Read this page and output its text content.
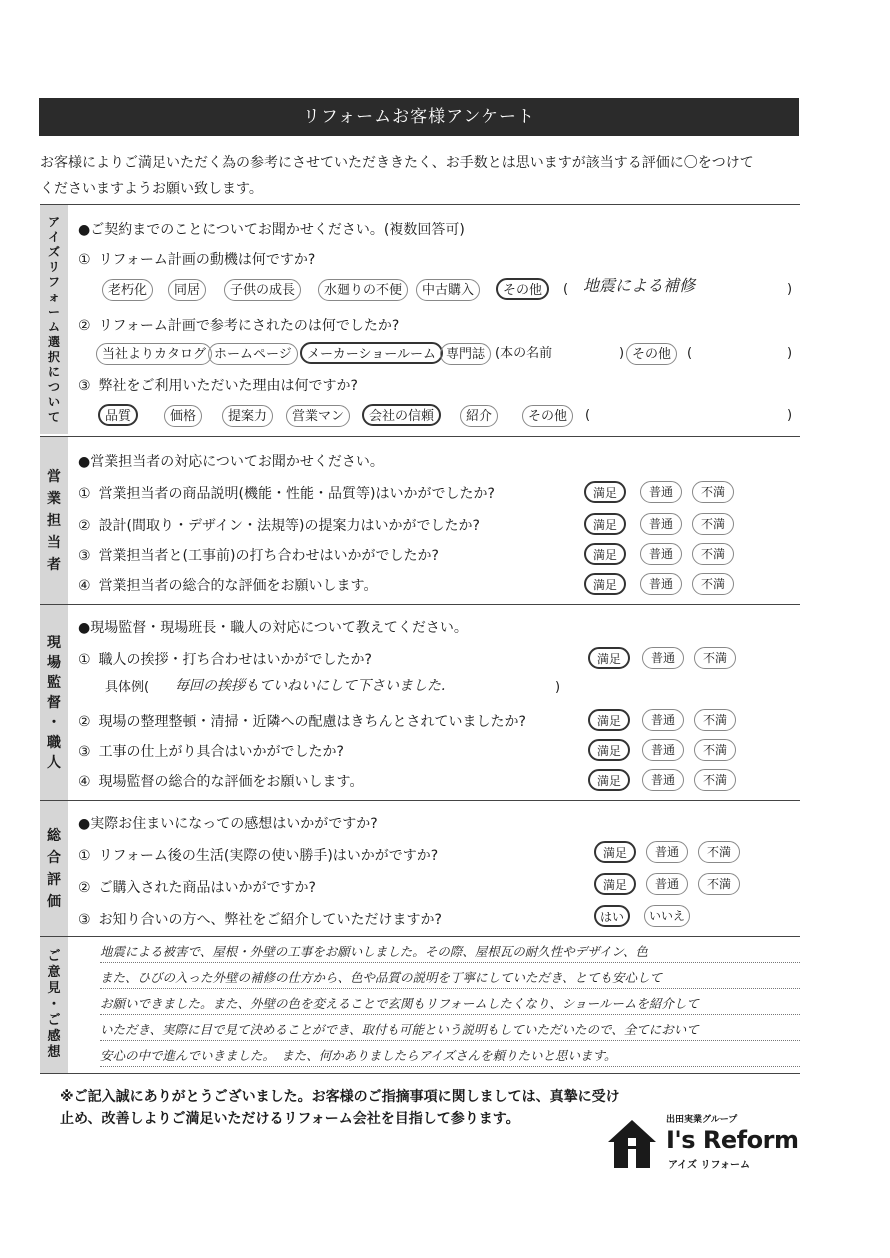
リフォームお客様アンケート
お客様によりご満足いただく為の参考にさせていただききたく、お手数とは思いますが該当する評価に〇をつけて
くださいますようお願い致します。
ア
イ
ズ
リ
フ
ォ
ー
ム
選
択
に
つ
い
て
●ご契約までのことについてお聞かせください。(複数回答可)
① リフォーム計画の動機は何ですか?
老朽化	同居	子供の成長	水廻りの不便	中古購入	その他	( 地震による補修	)
② リフォーム計画で参考にされたのは何でしたか?
当社よりカタログ ホームページ	メーカーショールーム 専門誌 (本の名前	) その他	(	)
③ 弊社をご利用いただいた理由は何ですか?
品質	価格	提案力	営業マン	会社の信頼	紹介	その他	(	)
営
業
担
当
者
●営業担当者の対応についてお聞かせください。
① 営業担当者の商品説明(機能・性能・品質等)はいかがでしたか?	満足	普通	不満
② 設計(間取り・デザイン・法規等)の提案力はいかがでしたか?	満足	普通	不満
③ 営業担当者と(工事前)の打ち合わせはいかがでしたか?	満足	普通	不満
④ 営業担当者の総合的な評価をお願いします。	満足	普通	不満
現
場
監
督
・
職
人
●現場監督・現場班長・職人の対応について教えてください。
① 職人の挨拶・打ち合わせはいかがでしたか?	満足	普通	不満
具体例(	毎回の挨拶もていねいにして下さいました.	)
② 現場の整理整頓・清掃・近隣への配慮はきちんとされていましたか?	満足	普通	不満
③ 工事の仕上がり具合はいかがでしたか?	満足	普通	不満
④ 現場監督の総合的な評価をお願いします。	満足	普通	不満
総
合
評
価
●実際お住まいになっての感想はいかがですか?
① リフォーム後の生活(実際の使い勝手)はいかがですか?	満足	普通	不満
② ご購入された商品はいかがですか?	満足	普通	不満
③ お知り合いの方へ、弊社をご紹介していただけますか?	はい	いいえ
ご
意
見
・
ご
感
想
地震による被害で、屋根・外壁の工事をお願いしました。その際、屋根瓦の耐久性やデザイン、色
また、ひびの入った外壁の補修の仕方から、色や品質の説明を丁寧にしていただき、とても安心して
お願いできました。また、外壁の色を変えることで玄関もリフォームしたくなり、ショールームを紹介して
いただき、実際に目で見て決めることができ、取付も可能という説明もしていただいたので、全てにおいて
安心の中で進んでいきました。　また、何かありましたらアイズさんを頼りたいと思います。
※ご記入誠にありがとうございました。お客様のご指摘事項に関しましては、真摯に受け
止め、改善しよりご満足いただけるリフォーム会社を目指して参ります。	出田実業グループ
I's Reform
アイズ リフォーム
